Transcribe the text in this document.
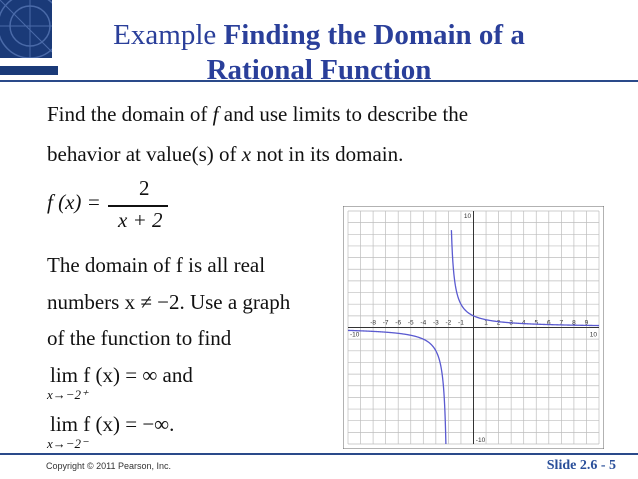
Example Finding the Domain of a
Rational Function
Find the domain of f and use limits to describe the
behavior at value(s) of x not in its domain.
f (x) =
2
x + 2
The domain of f is all real
numbers x ≠ −2. Use a graph
of the function to find
lim f (x) = ∞ and
x→−2⁺
lim f (x) = −∞.
x→−2⁻
-8 -7 -6 -5 -4 -3 -2 -1	1 2 3 4 5 6 7 8 9
-10	10
10
-10
Copyright © 2011 Pearson, Inc.	Slide 2.6 - 5
